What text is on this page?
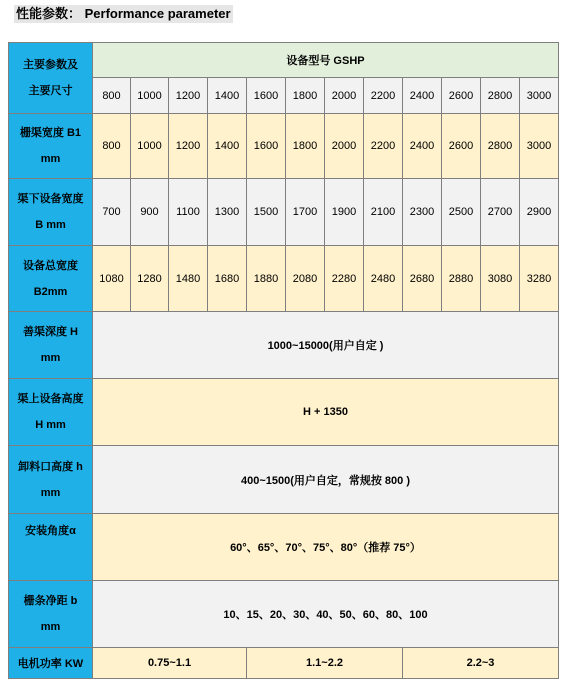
性能参数： Performance parameter
主要参数及
主要尺寸	设备型号 GSHP											
	800	1000	1200	1400	1600	1800	2000	2200	2400	2600	2800	3000

栅渠宽度 B1
mm	800	1000	1200	1400	1600	1800	2000	2200	2400	2600	2800	3000

渠下设备宽度
B mm	700	900	1100	1300	1500	1700	1900	2100	2300	2500	2700	2900

设备总宽度
B2mm	1080	1280	1480	1680	1880	2080	2280	2480	2680	2880	3080	3280

善渠深度 H
mm	1000~15000(用户自定 )											

渠上设备高度
H mm	H + 1350											

卸料口高度 h
mm	400~1500(用户自定，常规按 800 )											
安装角度α	60°、65°、70°、75°、80°（推荐 75°）											

栅条净距 b
mm	10、15、20、30、40、50、60、80、100											
电机功率 KW	0.75~1.1				1.1~2.2				2.2~3			
